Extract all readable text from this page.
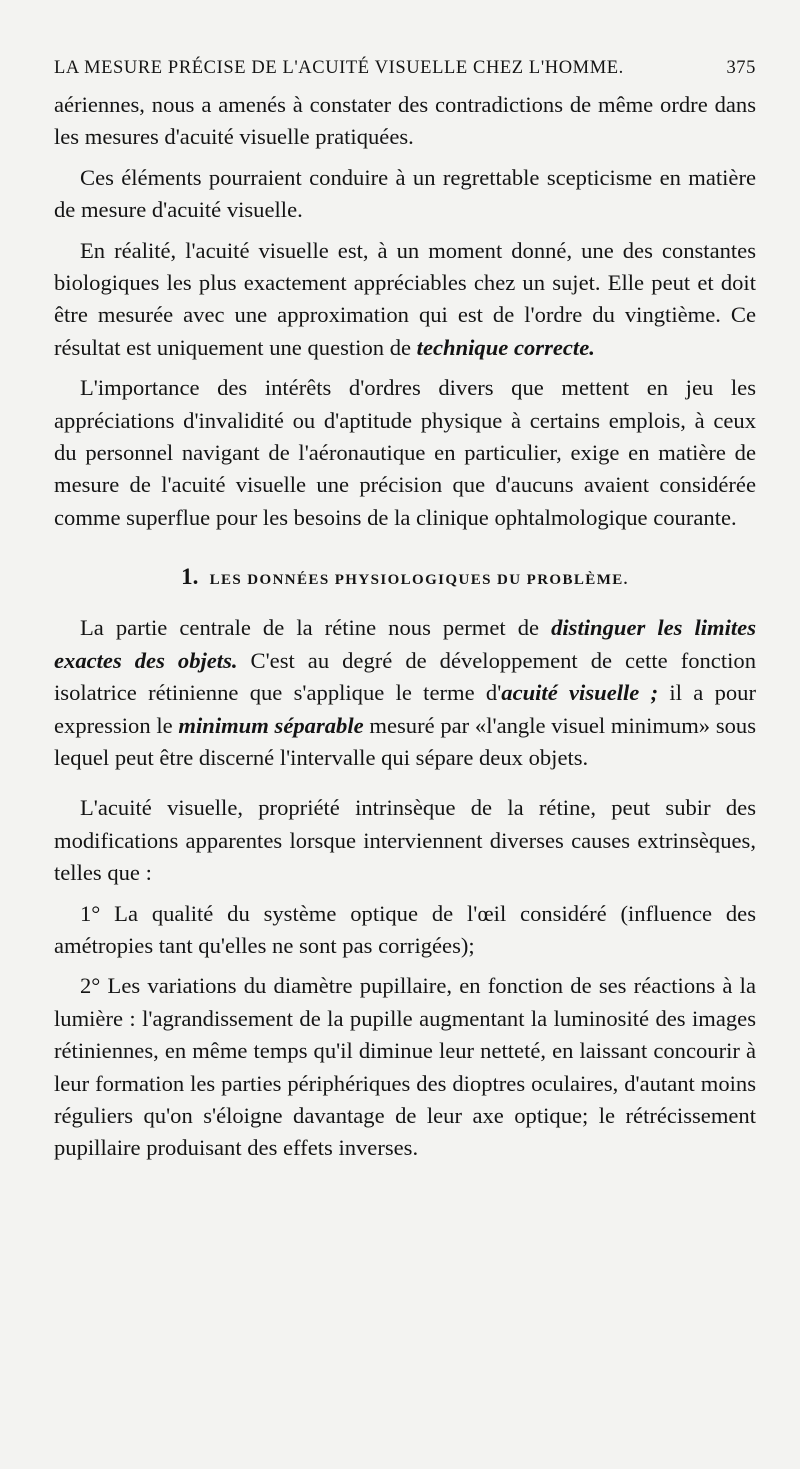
LA MESURE PRÉCISE DE L'ACUITÉ VISUELLE CHEZ L'HOMME.	375

aériennes, nous a amenés à constater des contradictions de même ordre dans les mesures d'acuité visuelle pratiquées.

Ces éléments pourraient conduire à un regrettable scepticisme en matière de mesure d'acuité visuelle.

En réalité, l'acuité visuelle est, à un moment donné, une des constantes biologiques les plus exactement appréciables chez un sujet. Elle peut et doit être mesurée avec une approximation qui est de l'ordre du vingtième. Ce résultat est uniquement une question de technique correcte.

L'importance des intérêts d'ordres divers que mettent en jeu les appréciations d'invalidité ou d'aptitude physique à certains emplois, à ceux du personnel navigant de l'aéronautique en particulier, exige en matière de mesure de l'acuité visuelle une précision que d'aucuns avaient considérée comme superflue pour les besoins de la clinique ophtalmologique courante.

1. LES DONNÉES PHYSIOLOGIQUES DU PROBLÈME.

La partie centrale de la rétine nous permet de distinguer les limites exactes des objets. C'est au degré de développement de cette fonction isolatrice rétinienne que s'applique le terme d'acuité visuelle ; il a pour expression le minimum séparable mesuré par «l'angle visuel minimum» sous lequel peut être discerné l'intervalle qui sépare deux objets.

L'acuité visuelle, propriété intrinsèque de la rétine, peut subir des modifications apparentes lorsque interviennent diverses causes extrinsèques, telles que :

1° La qualité du système optique de l'œil considéré (influence des amétropies tant qu'elles ne sont pas corrigées);

2° Les variations du diamètre pupillaire, en fonction de ses réactions à la lumière : l'agrandissement de la pupille augmentant la luminosité des images rétiniennes, en même temps qu'il diminue leur netteté, en laissant concourir à leur formation les parties périphériques des dioptres oculaires, d'autant moins réguliers qu'on s'éloigne davantage de leur axe optique; le rétrécissement pupillaire produisant des effets inverses.
